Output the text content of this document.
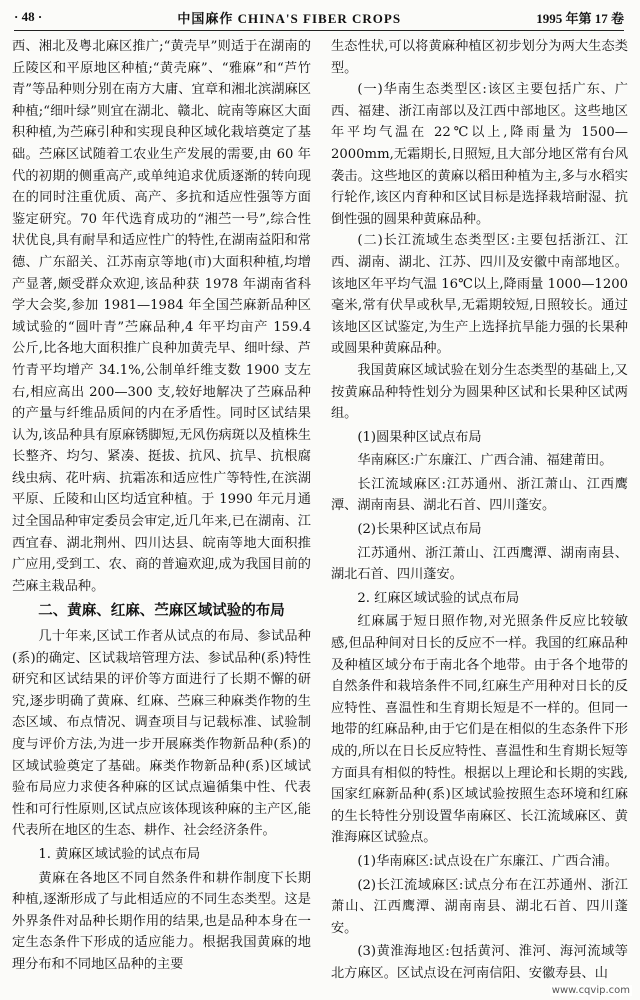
· 48 ·	中国麻作 CHINA'S FIBER CROPS	1995 年第 17 卷

西、湘北及粤北麻区推广;“黄壳早”则适于在湖南的丘陵区和平原地区种植;“黄壳麻”、“雅麻”和“芦竹青”等品种则分别在南方大庸、宜章和湘北滨湖麻区种植;“细叶绿”则宜在湖北、赣北、皖南等麻区大面积种植,为苎麻引种和实现良种区域化栽培奠定了基础。苎麻区试随着工农业生产发展的需要,由 60 年代的初期的侧重高产,或单纯追求优质逐渐的转向现在的同时注重优质、高产、多抗和适应性强等方面鉴定研究。70 年代选育成功的“湘苎一号”,综合性状优良,具有耐旱和适应性广的特性,在湖南益阳和常德、广东韶关、江苏南京等地(市)大面积种植,均增产显著,颇受群众欢迎,该品种获 1978 年湖南省科学大会奖,参加 1981—1984 年全国苎麻新品种区域试验的“圆叶青”苎麻品种,4 年平均亩产 159.4 公斤,比各地大面积推广良种加黄壳早、细叶绿、芦竹青平均增产 34.1%,公制单纤维支数 1900 支左右,相应高出 200—300 支,较好地解决了苎麻品种的产量与纤维品质间的内在矛盾性。同时区试结果认为,该品种具有原麻锈脚短,无风伤病斑以及植株生长整齐、均匀、紧凑、挺拔、抗风、抗旱、抗根腐线虫病、花叶病、抗霜冻和适应性广等特性,在滨湖平原、丘陵和山区均适宜种植。于 1990 年元月通过全国品种审定委员会审定,近几年来,已在湖南、江西宜春、湖北荆州、四川达县、皖南等地大面积推广应用,受到工、农、商的普遍欢迎,成为我国目前的苎麻主栽品种。

二、黄麻、红麻、苎麻区域试验的布局

几十年来,区试工作者从试点的布局、参试品种(系)的确定、区试栽培管理方法、参试品种(系)特性研究和区试结果的评价等方面进行了长期不懈的研究,逐步明确了黄麻、红麻、苎麻三种麻类作物的生态区域、布点情况、调查项目与记载标准、试验制度与评价方法,为进一步开展麻类作物新品种(系)的区域试验奠定了基础。麻类作物新品种(系)区域试验布局应力求使各种麻的区试点遍循集中性、代表性和可行性原则,区试点应该体现该种麻的主产区,能代表所在地区的生态、耕作、社会经济条件。

1. 黄麻区域试验的试点布局

黄麻在各地区不同自然条件和耕作制度下长期种植,逐渐形成了与此相适应的不同生态类型。这是外界条件对品种长期作用的结果,也是品种本身在一定生态条件下形成的适应能力。根据我国黄麻的地理分布和不同地区品种的主要

生态性状,可以将黄麻种植区初步划分为两大生态类型。

(一)华南生态类型区:该区主要包括广东、广西、福建、浙江南部以及江西中部地区。这些地区年平均气温在 22℃以上,降雨量为 1500—2000mm,无霜期长,日照短,且大部分地区常有台风袭击。这些地区的黄麻以稻田种植为主,多与水稻实行轮作,该区内育种和区试目标是选择栽培耐湿、抗倒性强的圆果种黄麻品种。

(二)长江流域生态类型区:主要包括浙江、江西、湖南、湖北、江苏、四川及安徽中南部地区。该地区年平均气温 16℃以上,降雨量 1000—1200 毫米,常有伏旱或秋旱,无霜期较短,日照较长。通过该地区区试鉴定,为生产上选择抗旱能力强的长果种或圆果种黄麻品种。

我国黄麻区域试验在划分生态类型的基础上,又按黄麻品种特性划分为圆果种区试和长果种区试两组。

(1)圆果种区试点布局

华南麻区:广东廉江、广西合浦、福建莆田。

长江流域麻区:江苏通州、浙江萧山、江西鹰潭、湖南南县、湖北石首、四川蓬安。

(2)长果种区试点布局

江苏通州、浙江萧山、江西鹰潭、湖南南县、湖北石首、四川蓬安。

2. 红麻区域试验的试点布局

红麻属于短日照作物,对光照条件反应比较敏感,但品种间对日长的反应不一样。我国的红麻品种及种植区域分布于南北各个地带。由于各个地带的自然条件和栽培条件不同,红麻生产用种对日长的反应特性、喜温性和生育期长短是不一样的。但同一地带的红麻品种,由于它们是在相似的生态条件下形成的,所以在日长反应特性、喜温性和生育期长短等方面具有相似的特性。根据以上理论和长期的实践,国家红麻新品种(系)区域试验按照生态环境和红麻的生长特性分别设置华南麻区、长江流域麻区、黄淮海麻区试验点。

(1)华南麻区:试点设在广东廉江、广西合浦。

(2)长江流域麻区:试点分布在江苏通州、浙江萧山、江西鹰潭、湖南南县、湖北石首、四川蓬安。

(3)黄淮海地区:包括黄河、淮河、海河流域等北方麻区。区试点设在河南信阳、安徽寿县、山

www.cqvip.com
